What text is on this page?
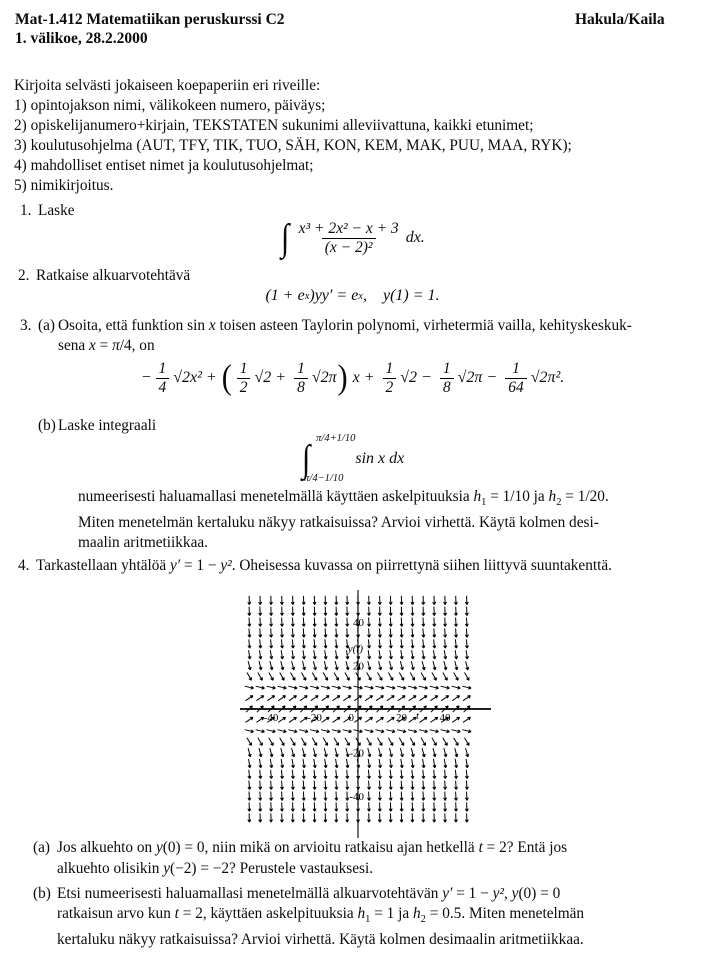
Mat-1.412 Matematiikan peruskurssi C2
1. välikoe, 28.2.2000
Hakula/Kaila
Kirjoita selvästi jokaiseen koepaperiin eri riveille:
1) opintojakson nimi, välikokeen numero, päiväys;
2) opiskelijanumero+kirjain, TEKSTATEN sukunimi alleviivattuna, kaikki etunimet;
3) koulutusohjelma (AUT, TFY, TIK, TUO, SÄH, KON, KEM, MAK, PUU, MAA, RYK);
4) mahdolliset entiset nimet ja koulutusohjelmat;
5) nimikirjoitus.
1. Laske
∫ $\frac{\text{x³ + 2x² − x + 3}}{\text{(x − 2)²}}$ dx.
2. Ratkaise alkuarvotehtävä
(1 + e x )yy′ = e x ,    y(1) = 1.
3. (a) Osoita, että funktion sin x toisen asteen Taylorin polynomi, virhetermiä vailla, kehityskeskuk-
sena x = π/4, on
− $\frac{1}{4} √2x^2$ + ( $\frac{1}{2} √2 + \frac{1}{8} √2\pi$ ) $x + \frac{1}{2} √2 - \frac{1}{8} √2\pi - \frac{1}{64} √2\pi^2$.
(b) Laske integraali
∫ π/4+1/10
π/4−1/10
sin x dx
numeerisesti haluamallasi menetelmällä käyttäen askelpituuksia $h_1 = 1/10$ ja $h_2 = 1/20$.
Miten menetelmän kertaluku näkyy ratkaisuissa? Arvioi virhettä. Käytä kolmen desi-
maalin aritmetiikkaa.
4. Tarkastellaan yhtälöä y′ = 1 − y². Oheisessa kuvassa on piirrettynä siihen liittyvä suuntakenttä.
-40	-20	20	40
40
20
-20
-40
0
y(t)
t
(a) Jos alkuehto on y(0) = 0, niin mikä on arvioitu ratkaisu ajan hetkellä t = 2? Entä jos
alkuehto olisikin y(−2) = −2? Perustele vastauksesi.
(b) Etsi numeerisesti haluamallasi menetelmällä alkuarvotehtävän y′ = 1 − y², y(0) = 0
ratkaisun arvo kun t = 2, käyttäen askelpituuksia $h_1 = 1$ ja $h_2 = 0.5$. Miten menetelmän
kertaluku näkyy ratkaisuissa? Arvioi virhettä. Käytä kolmen desimaalin aritmetiikkaa.
